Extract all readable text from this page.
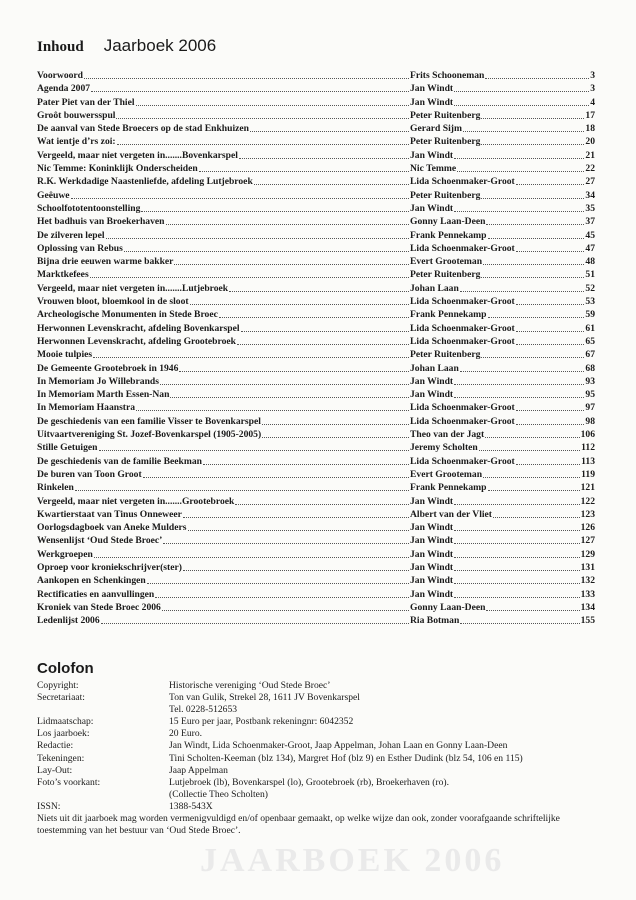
Inhoud Jaarboek 2006
Voorwoord	Frits Schooneman	3
Agenda 2007	Jan Windt	3
Pater Piet van der Thiel	Jan Windt	4
Groôt bouwersspul	Peter Ruitenberg	17
De aanval van Stede Broecers op de stad Enkhuizen	Gerard Sijm	18
Wat ientje d’rs zoi:	Peter Ruitenberg	20
Vergeeld, maar niet vergeten in.......Bovenkarspel	Jan Windt	21
Nic Temme: Koninklijk Onderscheiden	Nic Temme	22
R.K. Werkdadige Naastenliefde, afdeling Lutjebroek	Lida Schoenmaker-Groot	27
Geêuwe	Peter Ruitenberg	34
Schoolfototentoonstelling	Jan Windt	35
Het badhuis van Broekerhaven	Gonny Laan-Deen	37
De zilveren lepel	Frank Pennekamp	45
Oplossing van Rebus	Lida Schoenmaker-Groot	47
Bijna drie eeuwen warme bakker	Evert Grooteman	48
Marktkefees	Peter Ruitenberg	51
Vergeeld, maar niet vergeten in.......Lutjebroek	Johan Laan	52
Vrouwen bloot, bloemkool in de sloot	Lida Schoenmaker-Groot	53
Archeologische Monumenten in Stede Broec	Frank Pennekamp	59
Herwonnen Levenskracht, afdeling Bovenkarspel	Lida Schoenmaker-Groot	61
Herwonnen Levenskracht, afdeling Grootebroek	Lida Schoenmaker-Groot	65
Mooie tulpies	Peter Ruitenberg	67
De Gemeente Grootebroek in 1946	Johan Laan	68
In Memoriam Jo Willebrands	Jan Windt	93
In Memoriam Marth Essen-Nan	Jan Windt	95
In Memoriam Haanstra	Lida Schoenmaker-Groot	97
De geschiedenis van een familie Visser te Bovenkarspel	Lida Schoenmaker-Groot	98
Uitvaartvereniging St. Jozef-Bovenkarspel (1905-2005)	Theo van der Jagt	106
Stille Getuigen	Jeremy Scholten	112
De geschiedenis van de familie Beekman	Lida Schoenmaker-Groot	113
De buren van Toon Groot	Evert Grooteman	119
Rinkelen	Frank Pennekamp	121
Vergeeld, maar niet vergeten in.......Grootebroek	Jan Windt	122
Kwartierstaat van Tinus Onneweer	Albert van der Vliet	123
Oorlogsdagboek van Aneke Mulders	Jan Windt	126
Wensenlijst ‘Oud Stede Broec’	Jan Windt	127
Werkgroepen	Jan Windt	129
Oproep voor kroniekschrijver(ster)	Jan Windt	131
Aankopen en Schenkingen	Jan Windt	132
Rectificaties en aanvullingen	Jan Windt	133
Kroniek van Stede Broec 2006	Gonny Laan-Deen	134
Ledenlijst 2006	Ria Botman	155
Colofon
Copyright:	Historische vereniging ‘Oud Stede Broec’
Secretariaat:	Ton van Gulik, Strekel 28, 1611 JV Bovenkarspel
Tel. 0228-512653
Lidmaatschap:	15 Euro per jaar, Postbank rekeningnr: 6042352
Los jaarboek:	20 Euro.
Redactie:	Jan Windt, Lida Schoenmaker-Groot, Jaap Appelman, Johan Laan en Gonny Laan-Deen
Tekeningen:	Tini Scholten-Keeman (blz 134), Margret Hof (blz 9) en Esther Dudink (blz 54, 106 en 115)
Lay-Out:	Jaap Appelman
Foto’s voorkant:	Lutjebroek (lb), Bovenkarspel (lo), Grootebroek (rb), Broekerhaven (ro).
(Collectie Theo Scholten)
ISSN:	1388-543X
Niets uit dit jaarboek mag worden vermenigvuldigd en/of openbaar gemaakt, op welke wijze dan ook, zonder voorafgaande schriftelijke toestemming van het bestuur van ‘Oud Stede Broec’.
JAARBOEK 2006
